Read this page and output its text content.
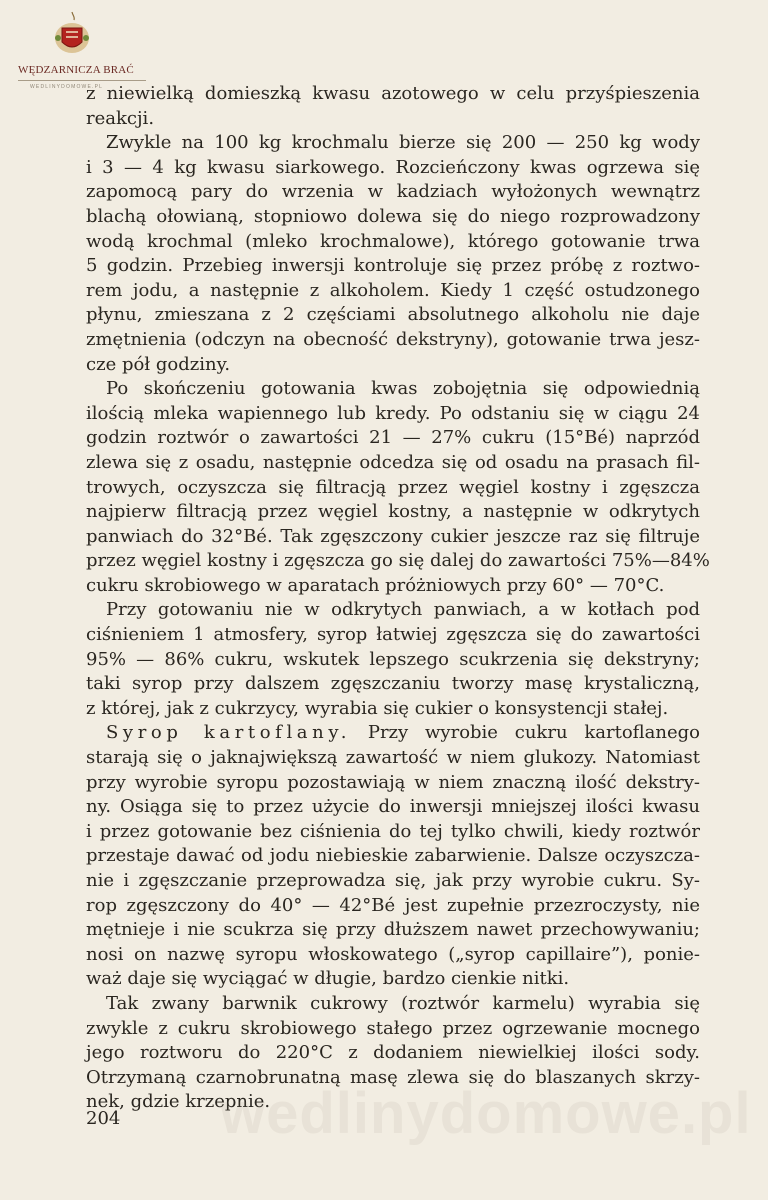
WĘDZARNICZA BRAĆ
WEDLINYDOMOWE.PL
z niewielką domieszką kwasu azotowego w celu przyśpieszenia
reakcji.
Zwykle na 100 kg krochmalu bierze się 200 — 250 kg wody
i 3 — 4 kg kwasu siarkowego. Rozcieńczony kwas ogrzewa się
zapomocą pary do wrzenia w kadziach wyłożonych wewnątrz
blachą ołowianą, stopniowo dolewa się do niego rozprowadzony
wodą krochmal (mleko krochmalowe), którego gotowanie trwa
5 godzin. Przebieg inwersji kontroluje się przez próbę z roztwo-
rem jodu, a następnie z alkoholem. Kiedy 1 część ostudzonego
płynu, zmieszana z 2 częściami absolutnego alkoholu nie daje
zmętnienia (odczyn na obecność dekstryny), gotowanie trwa jesz-
cze pół godziny.
Po skończeniu gotowania kwas zobojętnia się odpowiednią
ilością mleka wapiennego lub kredy. Po odstaniu się w ciągu 24
godzin roztwór o zawartości 21 — 27% cukru (15°Bé) naprzód
zlewa się z osadu, następnie odcedza się od osadu na prasach fil-
trowych, oczyszcza się filtracją przez węgiel kostny i zgęszcza
najpierw filtracją przez węgiel kostny, a następnie w odkrytych
panwiach do 32°Bé. Tak zgęszczony cukier jeszcze raz się filtruje
przez węgiel kostny i zgęszcza go się dalej do zawartości 75%—84%
cukru skrobiowego w aparatach próżniowych przy 60° — 70°C.
Przy gotowaniu nie w odkrytych panwiach, a w kotłach pod
ciśnieniem 1 atmosfery, syrop łatwiej zgęszcza się do zawartości
95% — 86% cukru, wskutek lepszego scukrzenia się dekstryny;
taki syrop przy dalszem zgęszczaniu tworzy masę krystaliczną,
z której, jak z cukrzycy, wyrabia się cukier o konsystencji stałej.
Syrop kartoflany. Przy wyrobie cukru kartoflanego
starają się o jaknajwiększą zawartość w niem glukozy. Natomiast
przy wyrobie syropu pozostawiają w niem znaczną ilość dekstry-
ny. Osiąga się to przez użycie do inwersji mniejszej ilości kwasu
i przez gotowanie bez ciśnienia do tej tylko chwili, kiedy roztwór
przestaje dawać od jodu niebieskie zabarwienie. Dalsze oczyszcza-
nie i zgęszczanie przeprowadza się, jak przy wyrobie cukru. Sy-
rop zgęszczony do 40° — 42°Bé jest zupełnie przezroczysty, nie
mętnieje i nie scukrza się przy dłuższem nawet przechowywaniu;
nosi on nazwę syropu włoskowatego („syrop capillaire”), ponie-
waż daje się wyciągać w długie, bardzo cienkie nitki.
Tak zwany barwnik cukrowy (roztwór karmelu) wyrabia się
zwykle z cukru skrobiowego stałego przez ogrzewanie mocnego
jego roztworu do 220°C z dodaniem niewielkiej ilości sody.
Otrzymaną czarnobrunatną masę zlewa się do blaszanych skrzy-
nek, gdzie krzepnie.
wedlinydomowe.pl
204
